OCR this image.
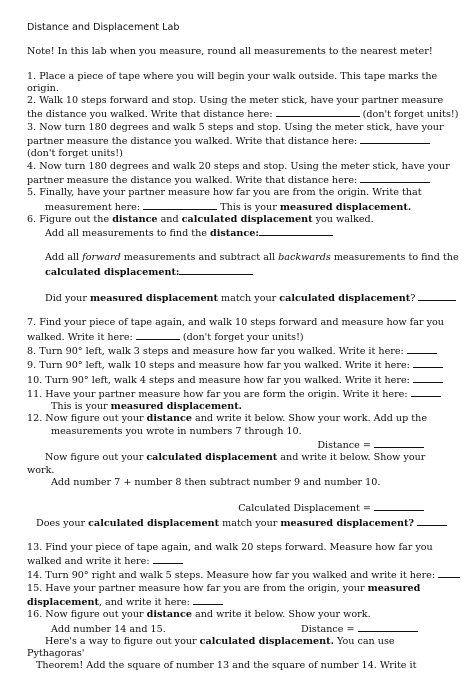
Distance and Displacement Lab
Note! In this lab when you measure, round all measurements to the nearest meter!
1. Place a piece of tape where you will begin your walk outside. This tape marks the
origin.
2. Walk 10 steps forward and stop. Using the meter stick, have your partner measure
the distance you walked. Write that distance here:	(don't forget units!)
3. Now turn 180 degrees and walk 5 steps and stop. Using the meter stick, have your
partner measure the distance you walked. Write that distance here:
(don't forget units!)
4. Now turn 180 degrees and walk 20 steps and stop. Using the meter stick, have your
partner measure the distance you walked. Write that distance here:
5. Finally, have your partner measure how far you are from the origin. Write that
measurement here:	This is your measured displacement.
6. Figure out the distance and calculated displacement you walked.
Add all measurements to find the distance:
Add all forward measurements and subtract all backwards measurements to find the
calculated displacement:
Did your measured displacement match your calculated displacement?
7. Find your piece of tape again, and walk 10 steps forward and measure how far you
walked. Write it here:	(don't forget your units!)
8. Turn 90° left, walk 3 steps and measure how far you walked. Write it here:
9. Turn 90° left, walk 10 steps and measure how far you walked. Write it here:
10. Turn 90° left, walk 4 steps and measure how far you walked. Write it here:
11. Have your partner measure how far you are form the origin. Write it here:
This is your measured displacement.
12. Now figure out your distance and write it below. Show your work. Add up the
measurements you wrote in numbers 7 through 10.
Distance =
Now figure out your calculated displacement and write it below. Show your
work.
Add number 7 + number 8 then subtract number 9 and number 10.
Calculated Displacement =
Does your calculated displacement match your measured displacement?
13. Find your piece of tape again, and walk 20 steps forward. Measure how far you
walked and write it here:
14. Turn 90° right and walk 5 steps. Measure how far you walked and write it here:
15. Have your partner measure how far you are from the origin, your measured
displacement, and write it here:
16. Now figure out your distance and write it below. Show your work.
Add number 14 and 15.	Distance =
Here's a way to figure out your calculated displacement. You can use
Pythagoras'
Theorem! Add the square of number 13 and the square of number 14. Write it
